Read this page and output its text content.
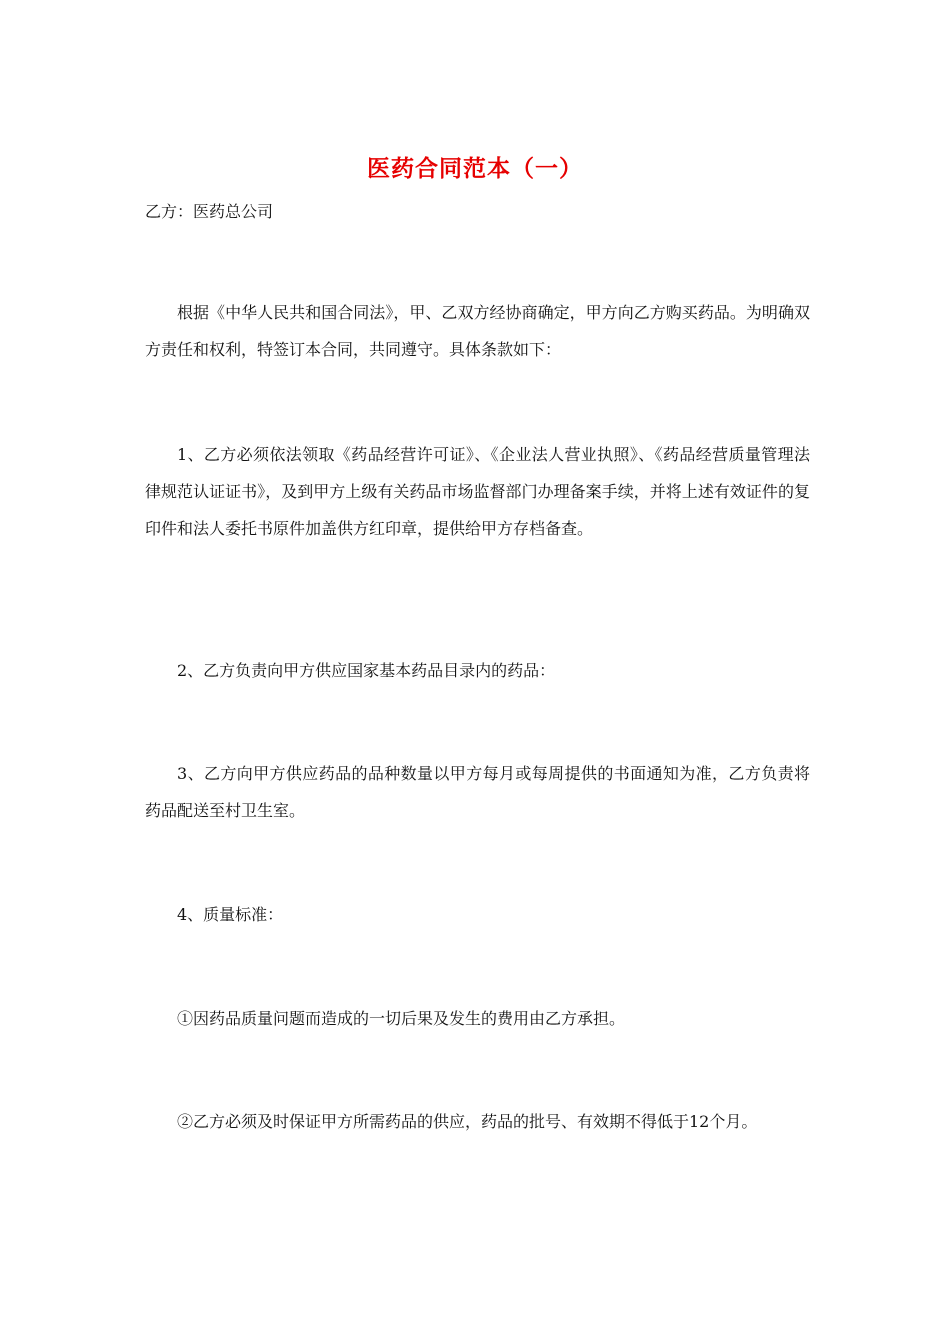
医药合同范本（一）
乙方：医药总公司

根据《中华人民共和国合同法》，甲、乙双方经协商确定，甲方向乙方购买药品。为明确双方责任和权利，特签订本合同，共同遵守。具体条款如下：

1、乙方必须依法领取《药品经营许可证》、《企业法人营业执照》、《药品经营质量管理法律规范认证证书》，及到甲方上级有关药品市场监督部门办理备案手续，并将上述有效证件的复印件和法人委托书原件加盖供方红印章，提供给甲方存档备查。

2、乙方负责向甲方供应国家基本药品目录内的药品：

3、乙方向甲方供应药品的品种数量以甲方每月或每周提供的书面通知为准，乙方负责将药品配送至村卫生室。

4、质量标准：

①因药品质量问题而造成的一切后果及发生的费用由乙方承担。

②乙方必须及时保证甲方所需药品的供应，药品的批号、有效期不得低于12个月。
